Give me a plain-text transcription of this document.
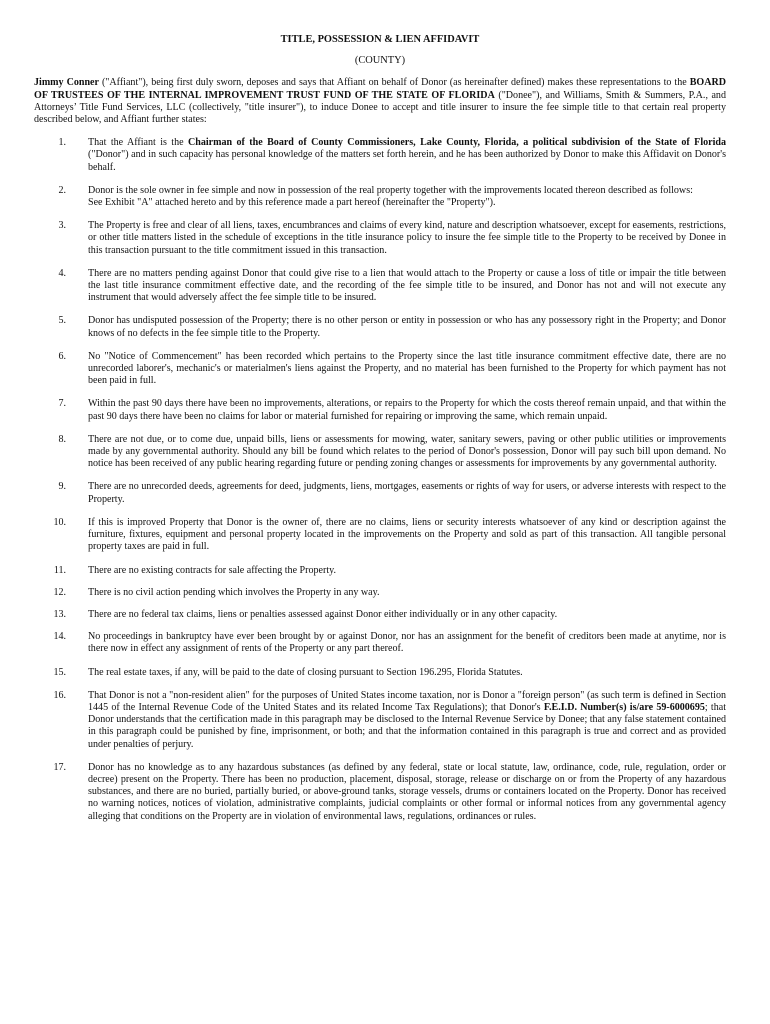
TITLE, POSSESSION & LIEN AFFIDAVIT
(COUNTY)
Jimmy Conner ("Affiant"), being first duly sworn, deposes and says that Affiant on behalf of Donor (as hereinafter defined) makes these representations to the BOARD OF TRUSTEES OF THE INTERNAL IMPROVEMENT TRUST FUND OF THE STATE OF FLORIDA ("Donee"), and Williams, Smith & Summers, P.A., and Attorneys’ Title Fund Services, LLC (collectively, "title insurer"), to induce Donee to accept and title insurer to insure the fee simple title to that certain real property described below, and Affiant further states:
1. That the Affiant is the Chairman of the Board of County Commissioners, Lake County, Florida, a political subdivision of the State of Florida ("Donor") and in such capacity has personal knowledge of the matters set forth herein, and he has been authorized by Donor to make this Affidavit on Donor's behalf.

2. Donor is the sole owner in fee simple and now in possession of the real property together with the improvements located thereon described as follows:

See Exhibit "A" attached hereto and by this reference made a part hereof (hereinafter the "Property").

3. The Property is free and clear of all liens, taxes, encumbrances and claims of every kind, nature and description whatsoever, except for easements, restrictions, or other title matters listed in the schedule of exceptions in the title insurance policy to insure the fee simple title to the Property to be received by Donee in this transaction pursuant to the title commitment issued in this transaction.

4. There are no matters pending against Donor that could give rise to a lien that would attach to the Property or cause a loss of title or impair the title between the last title insurance commitment effective date, and the recording of the fee simple title to be insured, and Donor has not and will not execute any instrument that would adversely affect the fee simple title to be insured.

5. Donor has undisputed possession of the Property; there is no other person or entity in possession or who has any possessory right in the Property; and Donor knows of no defects in the fee simple title to the Property.

6. No "Notice of Commencement" has been recorded which pertains to the Property since the last title insurance commitment effective date, there are no unrecorded laborer's, mechanic's or materialmen's liens against the Property, and no material has been furnished to the Property for which payment has not been paid in full.

7. Within the past 90 days there have been no improvements, alterations, or repairs to the Property for which the costs thereof remain unpaid, and that within the past 90 days there have been no claims for labor or material furnished for repairing or improving the same, which remain unpaid.

8. There are not due, or to come due, unpaid bills, liens or assessments for mowing, water, sanitary sewers, paving or other public utilities or improvements made by any governmental authority. Should any bill be found which relates to the period of Donor's possession, Donor will pay such bill upon demand. No notice has been received of any public hearing regarding future or pending zoning changes or assessments for improvements by any governmental authority.

9. There are no unrecorded deeds, agreements for deed, judgments, liens, mortgages, easements or rights of way for users, or adverse interests with respect to the Property.

10. If this is improved Property that Donor is the owner of, there are no claims, liens or security interests whatsoever of any kind or description against the furniture, fixtures, equipment and personal property located in the improvements on the Property and sold as part of this transaction. All tangible personal property taxes are paid in full.

11. There are no existing contracts for sale affecting the Property.

12. There is no civil action pending which involves the Property in any way.

13. There are no federal tax claims, liens or penalties assessed against Donor either individually or in any other capacity.

14. No proceedings in bankruptcy have ever been brought by or against Donor, nor has an assignment for the benefit of creditors been made at anytime, nor is there now in effect any assignment of rents of the Property or any part thereof.

15. The real estate taxes, if any, will be paid to the date of closing pursuant to Section 196.295, Florida Statutes.

16. That Donor is not a "non-resident alien" for the purposes of United States income taxation, nor is Donor a "foreign person" (as such term is defined in Section 1445 of the Internal Revenue Code of the United States and its related Income Tax Regulations); that Donor's F.E.I.D. Number(s) is/are 59-6000695; that Donor understands that the certification made in this paragraph may be disclosed to the Internal Revenue Service by Donee; that any false statement contained in this paragraph could be punished by fine, imprisonment, or both; and that the information contained in this paragraph is true and correct and as provided under penalties of perjury.

17. Donor has no knowledge as to any hazardous substances (as defined by any federal, state or local statute, law, ordinance, code, rule, regulation, order or decree) present on the Property. There has been no production, placement, disposal, storage, release or discharge on or from the Property of any hazardous substances, and there are no buried, partially buried, or above-ground tanks, storage vessels, drums or containers located on the Property. Donor has received no warning notices, notices of violation, administrative complaints, judicial complaints or other formal or informal notices from any governmental agency alleging that conditions on the Property are in violation of environmental laws, regulations, ordinances or rules.
